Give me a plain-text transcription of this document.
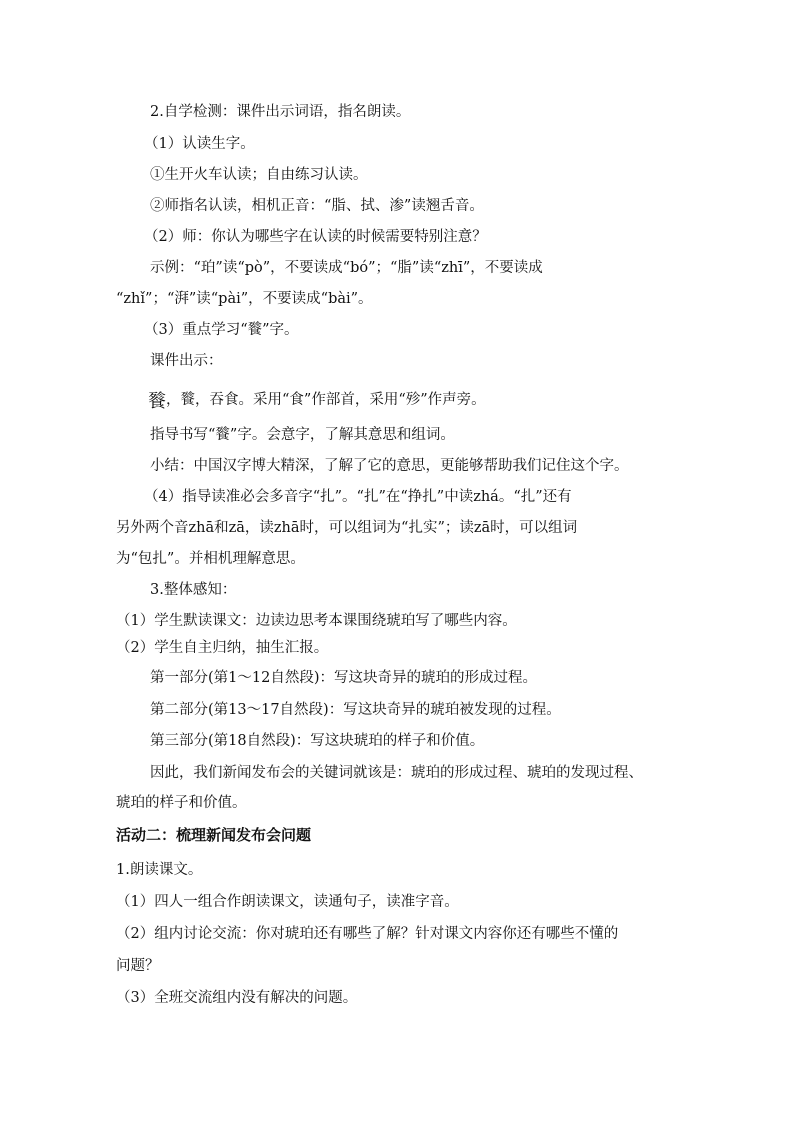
2.自学检测：课件出示词语，指名朗读。

（1）认读生字。

①生开火车认读；自由练习认读。

②师指名认读，相机正音：“脂、拭、渗”读翘舌音。

（2）师：你认为哪些字在认读的时候需要特别注意？

示例：“珀”读“pò”，不要读成“bó”；“脂”读“zhī”，不要读成

“zhǐ”；“湃”读“pài”，不要读成“bài”。

（3）重点学习“餮”字。

课件出示：

餮，餮，吞食。采用“食”作部首，采用“殄”作声旁。

指导书写“餮”字。会意字，了解其意思和组词。

小结：中国汉字博大精深，了解了它的意思，更能够帮助我们记住这个字。

（4）指导读准必会多音字“扎”。“扎”在“挣扎”中读zhá。“扎”还有

另外两个音zhā和zā，读zhā时，可以组词为“扎实”；读zā时，可以组词

为“包扎”。并相机理解意思。

3.整体感知：

（1）学生默读课文：边读边思考本课围绕琥珀写了哪些内容。

（2）学生自主归纳，抽生汇报。

第一部分(第1～12自然段)：写这块奇异的琥珀的形成过程。

第二部分(第13～17自然段)：写这块奇异的琥珀被发现的过程。

第三部分(第18自然段)：写这块琥珀的样子和价值。

因此，我们新闻发布会的关键词就该是：琥珀的形成过程、琥珀的发现过程、

琥珀的样子和价值。

活动二：梳理新闻发布会问题

1.朗读课文。

（1）四人一组合作朗读课文，读通句子，读准字音。

（2）组内讨论交流：你对琥珀还有哪些了解？针对课文内容你还有哪些不懂的

问题？

（3）全班交流组内没有解决的问题。
